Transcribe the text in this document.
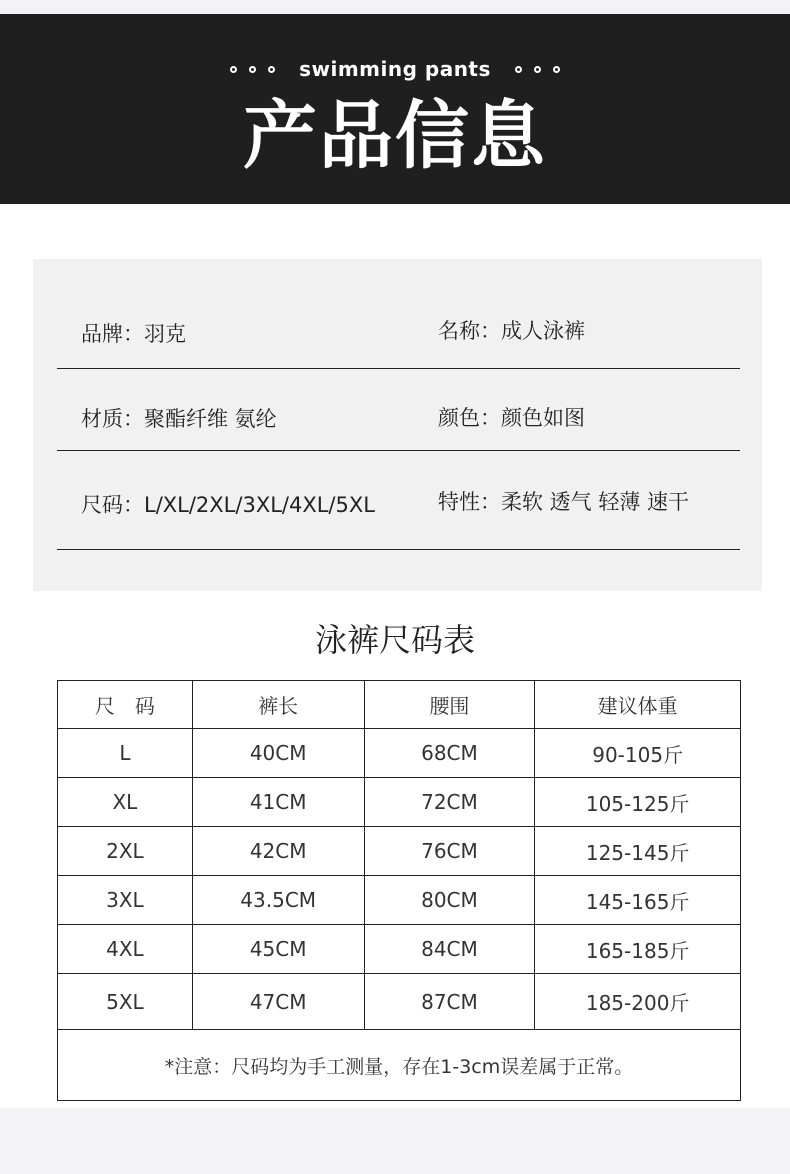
swimming pants
产品信息
品牌：羽克	名称：成人泳裤
材质：聚酯纤维 氨纶	颜色：颜色如图
尺码：L/XL/2XL/3XL/4XL/5XL	特性：柔软 透气 轻薄 速干
泳裤尺码表
尺　码	裤长	腰围	建议体重
L	40CM	68CM	90-105斤
XL	41CM	72CM	105-125斤
2XL	42CM	76CM	125-145斤
3XL	43.5CM	80CM	145-165斤
4XL	45CM	84CM	165-185斤
5XL	47CM	87CM	185-200斤
*注意：尺码均为手工测量，存在1-3cm误差属于正常。			
